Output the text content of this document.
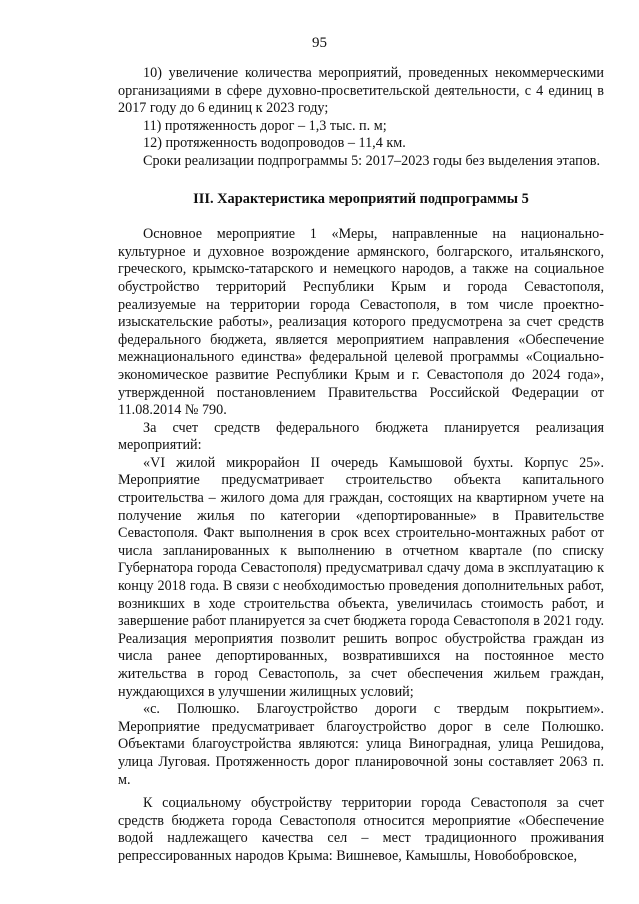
95

10) увеличение количества мероприятий, проведенных некоммерческими организациями в сфере духовно-просветительской деятельности, с 4 единиц в 2017 году до 6 единиц к 2023 году;

11) протяженность дорог – 1,3 тыс. п. м;

12) протяженность водопроводов – 11,4 км.

Сроки реализации подпрограммы 5: 2017–2023 годы без выделения этапов.

III. Характеристика мероприятий подпрограммы 5

Основное мероприятие 1 «Меры, направленные на национально-культурное и духовное возрождение армянского, болгарского, итальянского, греческого, крымско-татарского и немецкого народов, а также на социальное обустройство территорий Республики Крым и города Севастополя, реализуемые на территории города Севастополя, в том числе проектно-изыскательские работы», реализация которого предусмотрена за счет средств федерального бюджета, является мероприятием направления «Обеспечение межнационального единства» федеральной целевой программы «Социально-экономическое развитие Республики Крым и г. Севастополя до 2024 года», утвержденной постановлением Правительства Российской Федерации от 11.08.2014 № 790.

За счет средств федерального бюджета планируется реализация мероприятий:

«VI жилой микрорайон II очередь Камышовой бухты. Корпус 25». Мероприятие предусматривает строительство объекта капитального строительства – жилого дома для граждан, состоящих на квартирном учете на получение жилья по категории «депортированные» в Правительстве Севастополя. Факт выполнения в срок всех строительно-монтажных работ от числа запланированных к выполнению в отчетном квартале (по списку Губернатора города Севастополя) предусматривал сдачу дома в эксплуатацию к концу 2018 года. В связи с необходимостью проведения дополнительных работ, возникших в ходе строительства объекта, увеличилась стоимость работ, и завершение работ планируется за счет бюджета города Севастополя в 2021 году. Реализация мероприятия позволит решить вопрос обустройства граждан из числа ранее депортированных, возвратившихся на постоянное место жительства в город Севастополь, за счет обеспечения жильем граждан, нуждающихся в улучшении жилищных условий;

«с. Полюшко. Благоустройство дороги с твердым покрытием». Мероприятие предусматривает благоустройство дорог в селе Полюшко. Объектами благоустройства являются: улица Виноградная, улица Решидова, улица Луговая. Протяженность дорог планировочной зоны составляет 2063 п. м.

К социальному обустройству территории города Севастополя за счет средств бюджета города Севастополя относится мероприятие «Обеспечение водой надлежащего качества сел – мест традиционного проживания репрессированных народов Крыма: Вишневое, Камышлы, Новобобровское,
